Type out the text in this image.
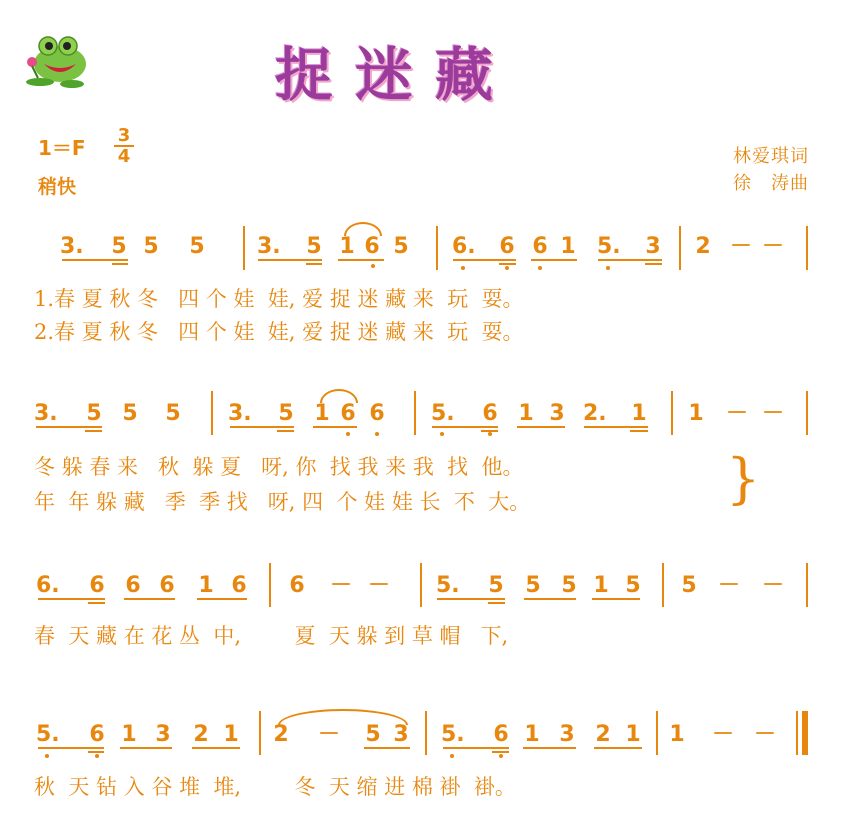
捉迷藏
1＝F
3
4
稍快
林爱琪词
徐　涛曲
3. 5 5 5 3. 5 1 6 5 6. 6 6 1 5. 3 2 － －
1.春 夏 秋 冬   四 个 娃  娃, 爱 捉 迷 藏 来  玩  耍。
2.春 夏 秋 冬   四 个 娃  娃, 爱 捉 迷 藏 来  玩  耍。
3. 5 5 5 3. 5 1 6 6 5. 6 1 3 2. 1 1 － －
冬 躲 春 来   秋  躲 夏   呀, 你  找 我 来 我  找  他。
年  年 躲 藏   季  季 找   呀, 四  个 娃 娃 长  不  大。	}
6. 6 6 6 1 6 6 － － 5. 5 5 5 1 5 5 － －
春  天 藏 在 花 丛  中,        夏  天 躲 到 草 帽   下,
5. 6 1 3 2 1 2 － 5 3 5. 6 1 3 2 1 1 － －
秋  天 钻 入 谷 堆  堆,        冬  天 缩 进 棉 褂  褂。
